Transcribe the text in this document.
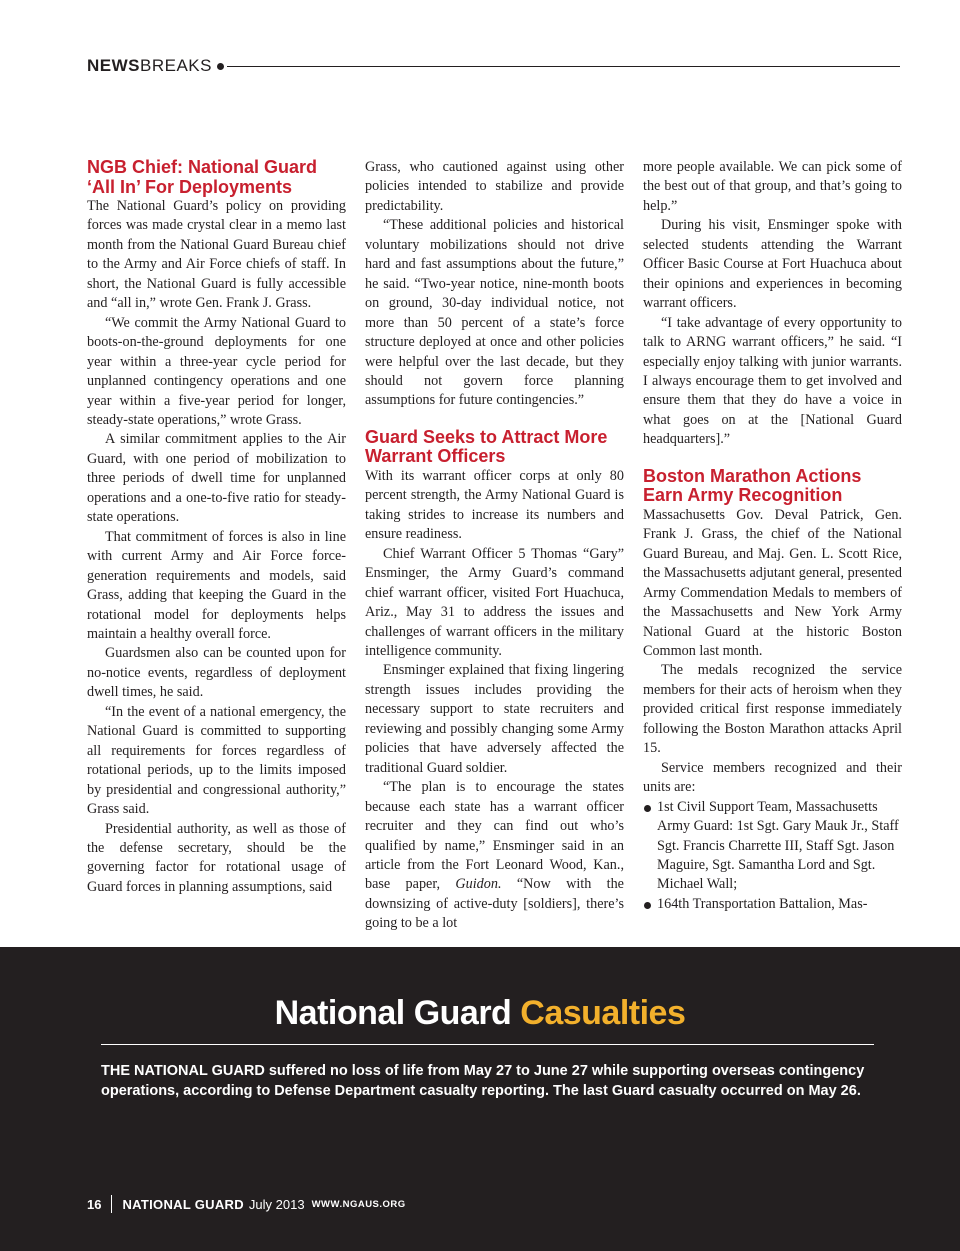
NEWSBREAKS
NGB Chief: National Guard ‘All In’ For Deployments

The National Guard’s policy on providing forces was made crystal clear in a memo last month from the National Guard Bureau chief to the Army and Air Force chiefs of staff. In short, the National Guard is fully accessible and “all in,” wrote Gen. Frank J. Grass.

“We commit the Army National Guard to boots-on-the-ground deployments for one year within a three-year cycle period for unplanned contingency operations and one year within a five-year period for longer, steady-state operations,” wrote Grass.

A similar commitment applies to the Air Guard, with one period of mobilization to three periods of dwell time for unplanned operations and a one-to-five ratio for steady-state operations.

That commitment of forces is also in line with current Army and Air Force force-generation requirements and models, said Grass, adding that keeping the Guard in the rotational model for deployments helps maintain a healthy overall force.

Guardsmen also can be counted upon for no-notice events, regardless of deployment dwell times, he said.

“In the event of a national emergency, the National Guard is committed to supporting all requirements for forces regardless of rotational periods, up to the limits imposed by presidential and congressional authority,” Grass said.

Presidential authority, as well as those of the defense secretary, should be the governing factor for rotational usage of Guard forces in planning assumptions, said

Grass, who cautioned against using other policies intended to stabilize and provide predictability.

“These additional policies and historical voluntary mobilizations should not drive hard and fast assumptions about the future,” he said. “Two-year notice, nine-month boots on ground, 30-day individual notice, not more than 50 percent of a state’s force structure deployed at once and other policies were helpful over the last decade, but they should not govern force planning assumptions for future contingencies.”

Guard Seeks to Attract More Warrant Officers

With its warrant officer corps at only 80 percent strength, the Army National Guard is taking strides to increase its numbers and ensure readiness.

Chief Warrant Officer 5 Thomas “Gary” Ensminger, the Army Guard’s command chief warrant officer, visited Fort Huachuca, Ariz., May 31 to address the issues and challenges of warrant officers in the military intelligence community.

Ensminger explained that fixing lingering strength issues includes providing the necessary support to state recruiters and reviewing and possibly changing some Army policies that have adversely affected the traditional Guard soldier.

“The plan is to encourage the states because each state has a warrant officer recruiter and they can find out who’s qualified by name,” Ensminger said in an article from the Fort Leonard Wood, Kan., base paper, Guidon. “Now with the downsizing of active-duty [soldiers], there’s going to be a lot

more people available. We can pick some of the best out of that group, and that’s going to help.”

During his visit, Ensminger spoke with selected students attending the Warrant Officer Basic Course at Fort Huachuca about their opinions and experiences in becoming warrant officers.

“I take advantage of every opportunity to talk to ARNG warrant officers,” he said. “I especially enjoy talking with junior warrants. I always encourage them to get involved and ensure them that they do have a voice in what goes on at the [National Guard headquarters].”

Boston Marathon Actions Earn Army Recognition

Massachusetts Gov. Deval Patrick, Gen. Frank J. Grass, the chief of the National Guard Bureau, and Maj. Gen. L. Scott Rice, the Massachusetts adjutant general, presented Army Commendation Medals to members of the Massachusetts and New York Army National Guard at the historic Boston Common last month.

The medals recognized the service members for their acts of heroism when they provided critical first response immediately following the Boston Marathon attacks April 15.

Service members recognized and their units are:

1st Civil Support Team, Massachusetts Army Guard: 1st Sgt. Gary Mauk Jr., Staff Sgt. Francis Charrette III, Staff Sgt. Jason Maguire, Sgt. Samantha Lord and Sgt. Michael Wall;
164th Transportation Battalion, Mas-
National Guard Casualties
THE NATIONAL GUARD suffered no loss of life from May 27 to June 27 while supporting overseas contingency operations, according to Defense Department casualty reporting. The last Guard casualty occurred on May 26.
16 NATIONAL GUARD July 2013 WWW.NGAUS.ORG
